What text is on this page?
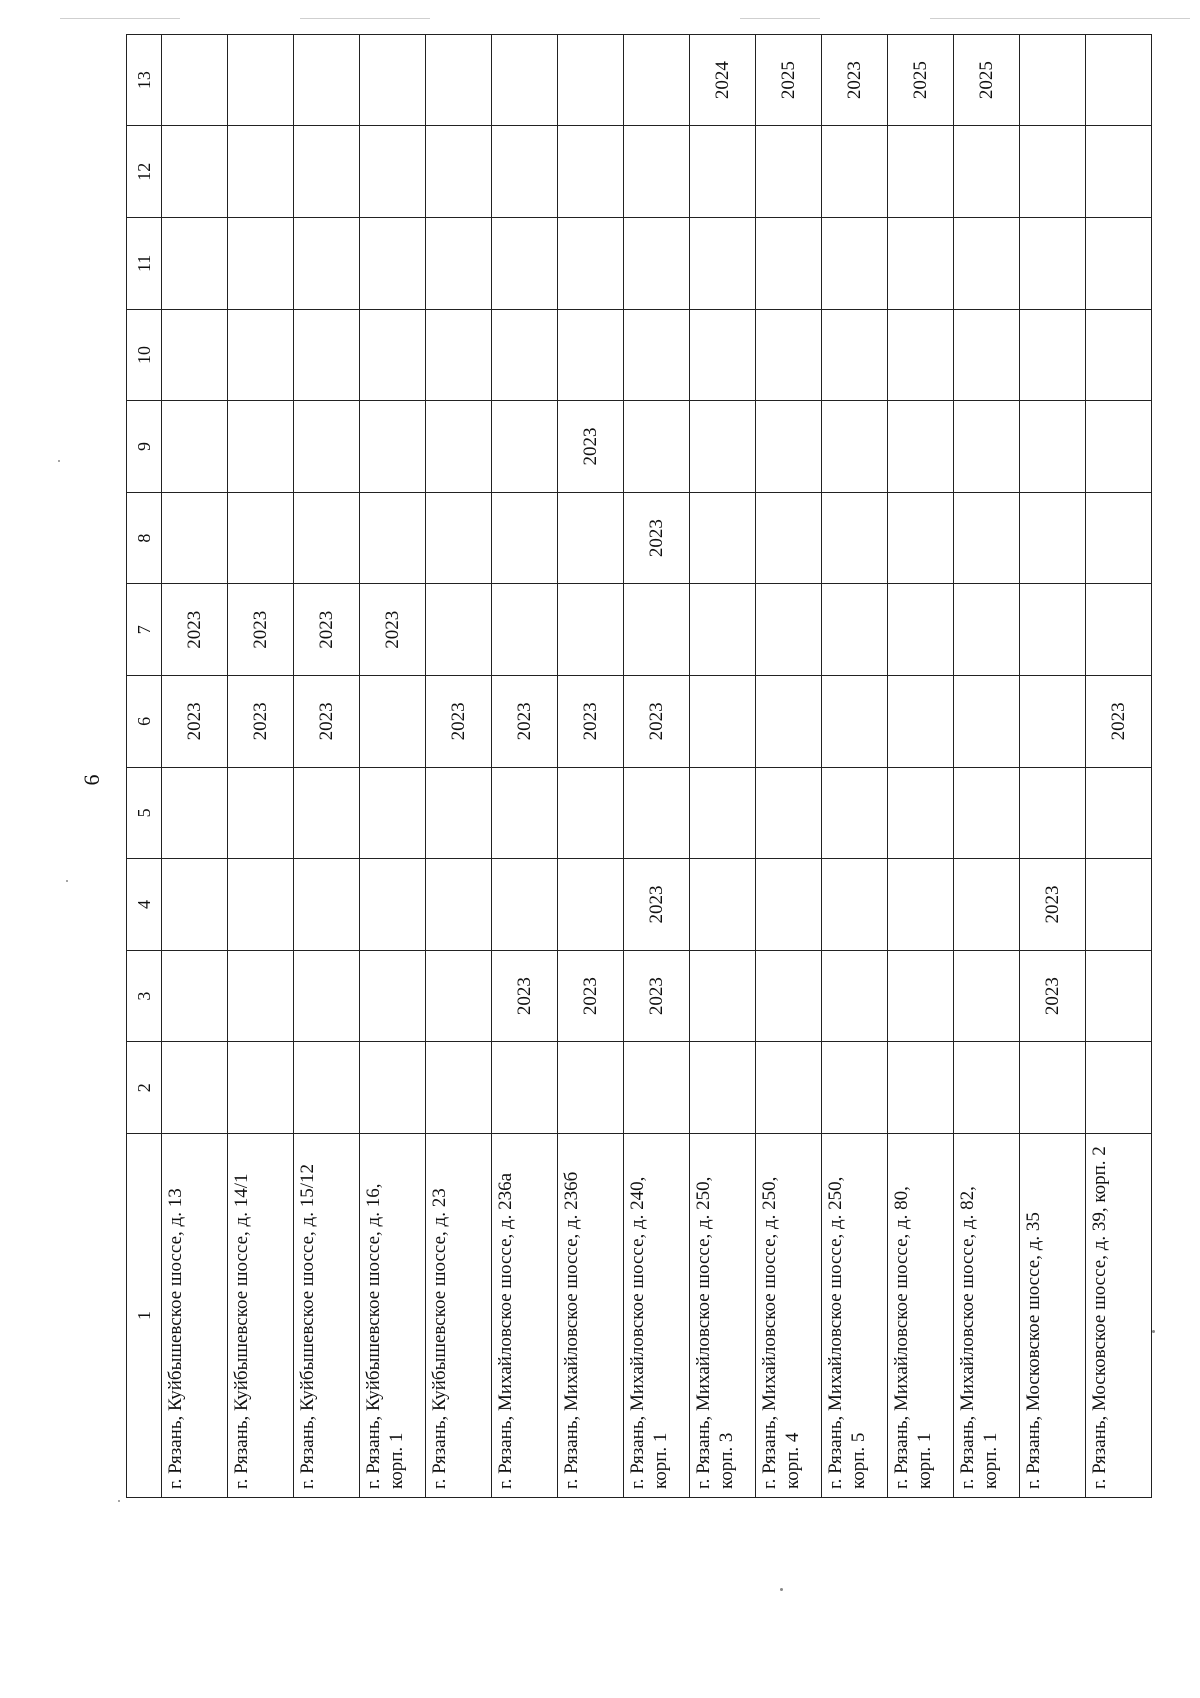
6
1	2	3	4	5	6	7	8	9	10	11	12	13
г. Рязань, Куйбышевское шоссе, д. 13					2023	2023						
г. Рязань, Куйбышевское шоссе, д. 14/1					2023	2023						
г. Рязань, Куйбышевское шоссе, д. 15/12					2023	2023						
г. Рязань, Куйбышевское шоссе, д. 16, корп. 1						2023						
г. Рязань, Куйбышевское шоссе, д. 23					2023							
г. Рязань, Михайловское шоссе, д. 236а		2023			2023							
г. Рязань, Михайловское шоссе, д. 236б		2023			2023			2023				
г. Рязань, Михайловское шоссе, д. 240, корп. 1		2023	2023		2023		2023					
г. Рязань, Михайловское шоссе, д. 250, корп. 3												2024
г. Рязань, Михайловское шоссе, д. 250, корп. 4												2025
г. Рязань, Михайловское шоссе, д. 250, корп. 5												2023
г. Рязань, Михайловское шоссе, д. 80, корп. 1												2025
г. Рязань, Михайловское шоссе, д. 82, корп. 1												2025
г. Рязань, Московское шоссе, д. 35		2023	2023									
г. Рязань, Московское шоссе, д. 39, корп. 2					2023							
